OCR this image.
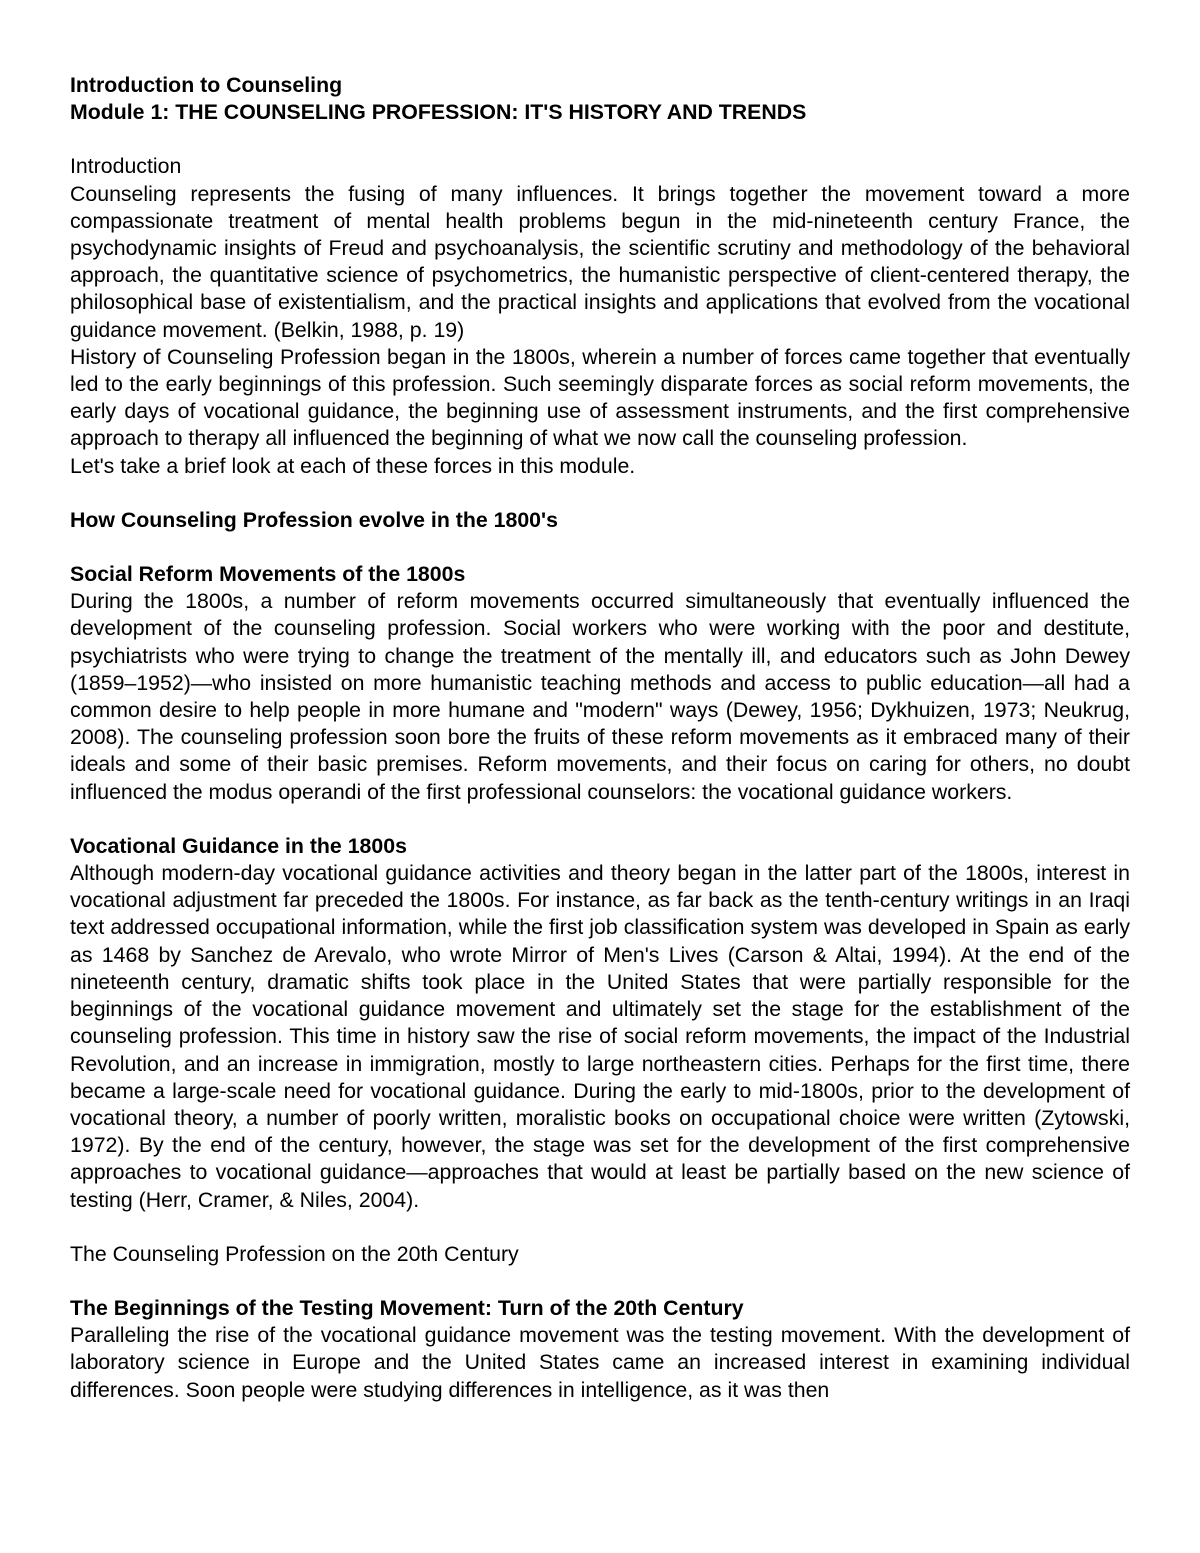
Introduction to Counseling

Module 1: THE COUNSELING PROFESSION: IT'S HISTORY AND TRENDS

Introduction

Counseling represents the fusing of many influences. It brings together the movement toward a more compassionate treatment of mental health problems begun in the mid-nineteenth century France, the psychodynamic insights of Freud and psychoanalysis, the scientific scrutiny and methodology of the behavioral approach, the quantitative science of psychometrics, the humanistic perspective of client-centered therapy, the philosophical base of existentialism, and the practical insights and applications that evolved from the vocational guidance movement. (Belkin, 1988, p. 19)

History of Counseling Profession began in the 1800s, wherein a number of forces came together that eventually led to the early beginnings of this profession. Such seemingly disparate forces as social reform movements, the early days of vocational guidance, the beginning use of assessment instruments, and the first comprehensive approach to therapy all influenced the beginning of what we now call the counseling profession.

Let's take a brief look at each of these forces in this module.

How Counseling Profession evolve in the 1800's

Social Reform Movements of the 1800s

During the 1800s, a number of reform movements occurred simultaneously that eventually influenced the development of the counseling profession. Social workers who were working with the poor and destitute, psychiatrists who were trying to change the treatment of the mentally ill, and educators such as John Dewey (1859–1952)—who insisted on more humanistic teaching methods and access to public education—all had a common desire to help people in more humane and "modern" ways (Dewey, 1956; Dykhuizen, 1973; Neukrug, 2008). The counseling profession soon bore the fruits of these reform movements as it embraced many of their ideals and some of their basic premises. Reform movements, and their focus on caring for others, no doubt influenced the modus operandi of the first professional counselors: the vocational guidance workers.

Vocational Guidance in the 1800s

Although modern-day vocational guidance activities and theory began in the latter part of the 1800s, interest in vocational adjustment far preceded the 1800s. For instance, as far back as the tenth-century writings in an Iraqi text addressed occupational information, while the first job classification system was developed in Spain as early as 1468 by Sanchez de Arevalo, who wrote Mirror of Men's Lives (Carson & Altai, 1994). At the end of the nineteenth century, dramatic shifts took place in the United States that were partially responsible for the beginnings of the vocational guidance movement and ultimately set the stage for the establishment of the counseling profession. This time in history saw the rise of social reform movements, the impact of the Industrial Revolution, and an increase in immigration, mostly to large northeastern cities. Perhaps for the first time, there became a large-scale need for vocational guidance. During the early to mid-1800s, prior to the development of vocational theory, a number of poorly written, moralistic books on occupational choice were written (Zytowski, 1972). By the end of the century, however, the stage was set for the development of the first comprehensive approaches to vocational guidance—approaches that would at least be partially based on the new science of testing (Herr, Cramer, & Niles, 2004).

The Counseling Profession on the 20th Century

The Beginnings of the Testing Movement: Turn of the 20th Century

Paralleling the rise of the vocational guidance movement was the testing movement. With the development of laboratory science in Europe and the United States came an increased interest in examining individual differences. Soon people were studying differences in intelligence, as it was then
